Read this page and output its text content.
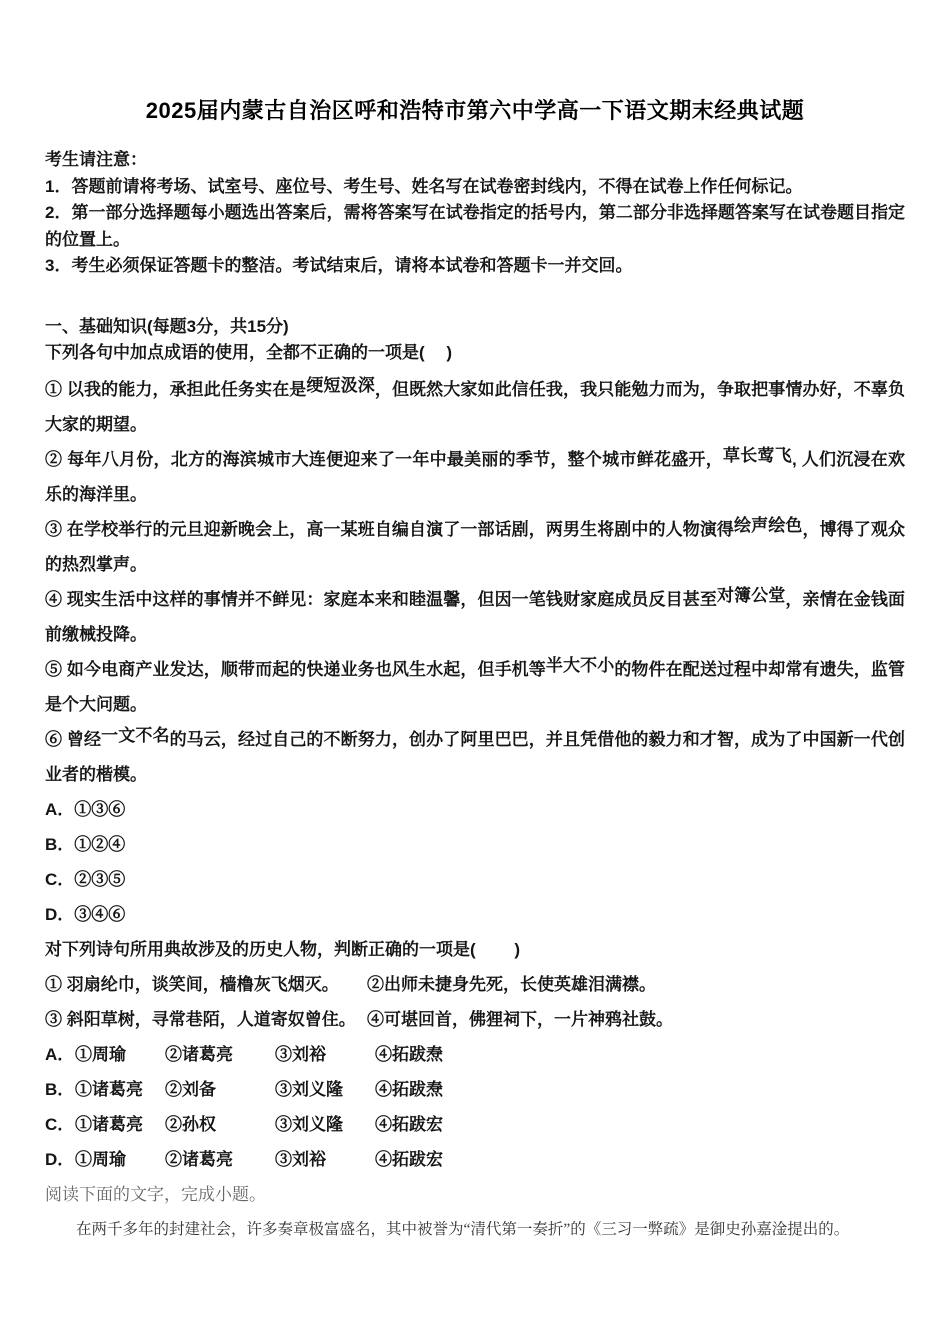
2025届内蒙古自治区呼和浩特市第六中学高一下语文期末经典试题

考生请注意：

1．答题前请将考场、试室号、座位号、考生号、姓名写在试卷密封线内，不得在试卷上作任何标记。

2．第一部分选择题每小题选出答案后，需将答案写在试卷指定的括号内，第二部分非选择题答案写在试卷题目指定的位置上。

3．考生必须保证答题卡的整洁。考试结束后，请将本试卷和答题卡一并交回。

一、基础知识(每题3分，共15分)

下列各句中加点成语的使用，全都不正确的一项是(　 )

① 以我的能力，承担此任务实在是绠短汲深，但既然大家如此信任我，我只能勉力而为，争取把事情办好，不辜负大家的期望。

② 每年八月份，北方的海滨城市大连便迎来了一年中最美丽的季节，整个城市鲜花盛开，草长莺飞, 人们沉浸在欢乐的海洋里。

③ 在学校举行的元旦迎新晚会上，高一某班自编自演了一部话剧，两男生将剧中的人物演得绘声绘色，博得了观众的热烈掌声。

④ 现实生活中这样的事情并不鲜见：家庭本来和睦温馨，但因一笔钱财家庭成员反目甚至对簿公堂，亲情在金钱面前缴械投降。

⑤ 如今电商产业发达，顺带而起的快递业务也风生水起，但手机等半大不小的物件在配送过程中却常有遗失，监管是个大问题。

⑥ 曾经一文不名的马云，经过自己的不断努力，创办了阿里巴巴，并且凭借他的毅力和才智，成为了中国新一代创业者的楷模。

A．①③⑥

B．①②④

C．②③⑤

D．③④⑥

对下列诗句所用典故涉及的历史人物，判断正确的一项是(　　 )

① 羽扇纶巾，谈笑间，樯橹灰飞烟灭。	②出师未捷身先死，长使英雄泪满襟。

③ 斜阳草树，寻常巷陌，人道寄奴曾住。 ④可堪回首，佛狸祠下，一片神鸦社鼓。

A． ①周瑜	②诸葛亮	③刘裕	④拓跋焘

B． ①诸葛亮	②刘备	③刘义隆	④拓跋焘

C． ①诸葛亮	②孙权	③刘义隆	④拓跋宏

D． ①周瑜	②诸葛亮	③刘裕	④拓跋宏

阅读下面的文字，完成小题。

在两千多年的封建社会，许多奏章极富盛名，其中被誉为“清代第一奏折”的《三习一弊疏》是御史孙嘉淦提出的。
